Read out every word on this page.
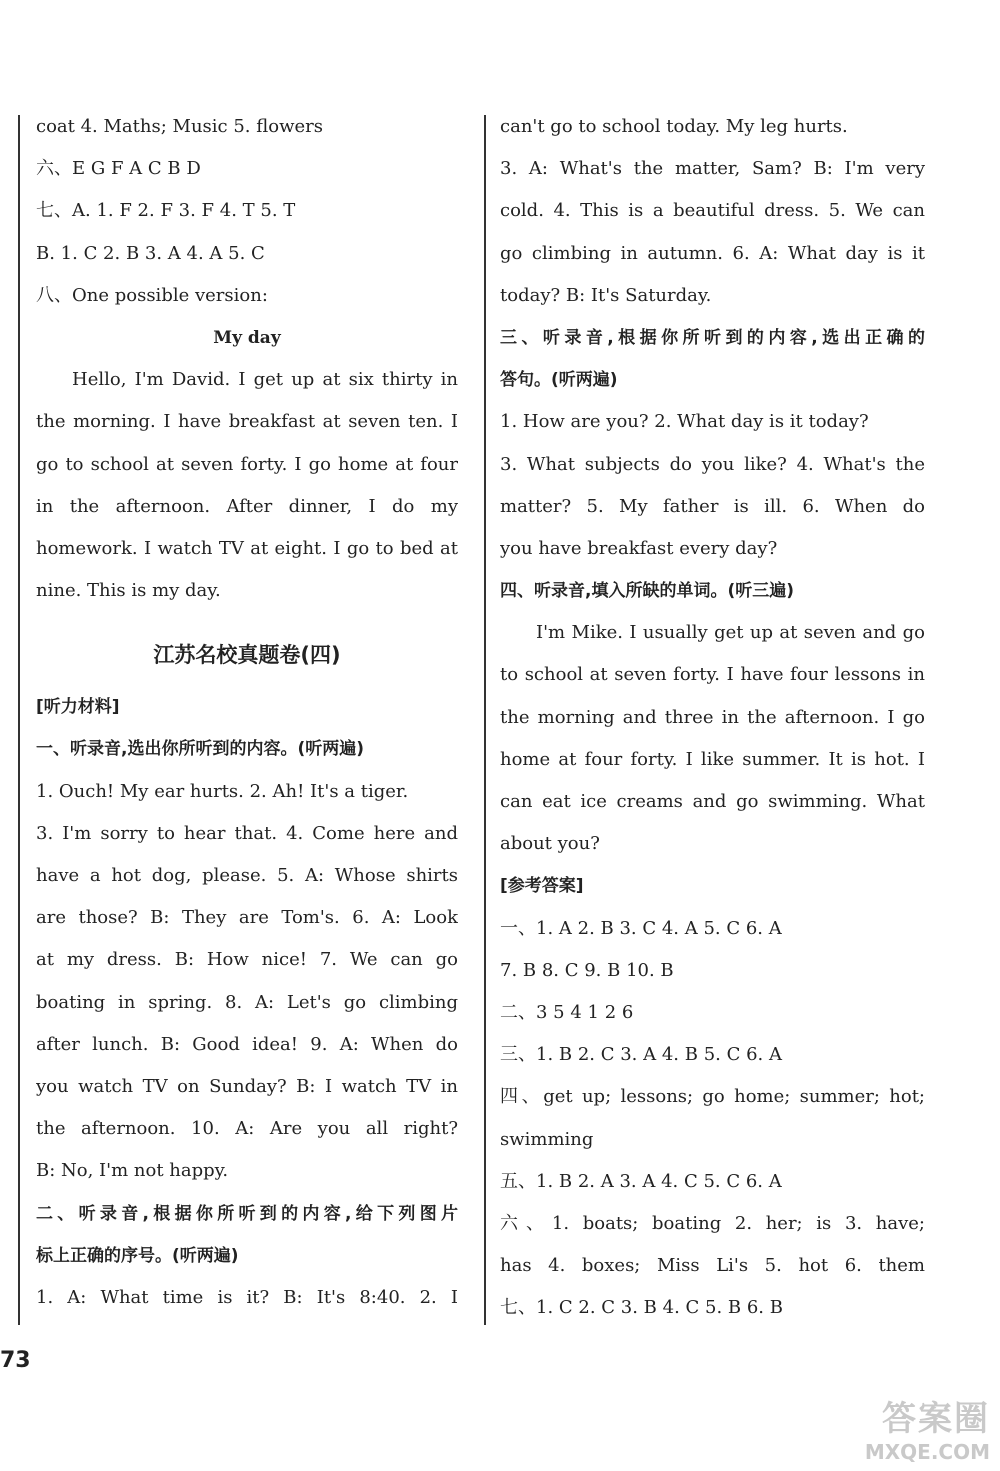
coat 4. Maths; Music 5. flowers
六、E G F A C B D
七、A. 1. F 2. F 3. F 4. T 5. T
B. 1. C 2. B 3. A 4. A 5. C
八、One possible version:
My day
Hello, I'm David. I get up at six thirty in
the morning. I have breakfast at seven ten. I
go to school at seven forty. I go home at four
in the afternoon. After dinner, I do my
homework. I watch TV at eight. I go to bed at
nine. This is my day.
江苏名校真题卷(四)
[听力材料]
一、听录音,选出你所听到的内容。(听两遍)
1. Ouch! My ear hurts. 2. Ah! It's a tiger.
3. I'm sorry to hear that. 4. Come here and
have a hot dog, please. 5. A: Whose shirts
are those? B: They are Tom's. 6. A: Look
at my dress. B: How nice! 7. We can go
boating in spring. 8. A: Let's go climbing
after lunch. B: Good idea! 9. A: When do
you watch TV on Sunday? B: I watch TV in
the afternoon. 10. A: Are you all right?
B: No, I'm not happy.
二、听录音,根据你所听到的内容,给下列图片
标上正确的序号。(听两遍)
1. A: What time is it? B: It's 8:40. 2. I
can't go to school today. My leg hurts.
3. A: What's the matter, Sam? B: I'm very
cold. 4. This is a beautiful dress. 5. We can
go climbing in autumn. 6. A: What day is it
today? B: It's Saturday.
三、听录音,根据你所听到的内容,选出正确的
答句。(听两遍)
1. How are you? 2. What day is it today?
3. What subjects do you like? 4. What's the
matter? 5. My father is ill. 6. When do
you have breakfast every day?
四、听录音,填入所缺的单词。(听三遍)
I'm Mike. I usually get up at seven and go
to school at seven forty. I have four lessons in
the morning and three in the afternoon. I go
home at four forty. I like summer. It is hot. I
can eat ice creams and go swimming. What
about you?
[参考答案]
一、1. A 2. B 3. C 4. A 5. C 6. A
7. B 8. C 9. B 10. B
二、3 5 4 1 2 6
三、1. B 2. C 3. A 4. B 5. C 6. A
四、get up; lessons; go home; summer; hot;
swimming
五、1. B 2. A 3. A 4. C 5. C 6. A
六、1. boats; boating 2. her; is 3. have;
has 4. boxes; Miss Li's 5. hot 6. them
七、1. C 2. C 3. B 4. C 5. B 6. B
73
答案圈
MXQE.COM
